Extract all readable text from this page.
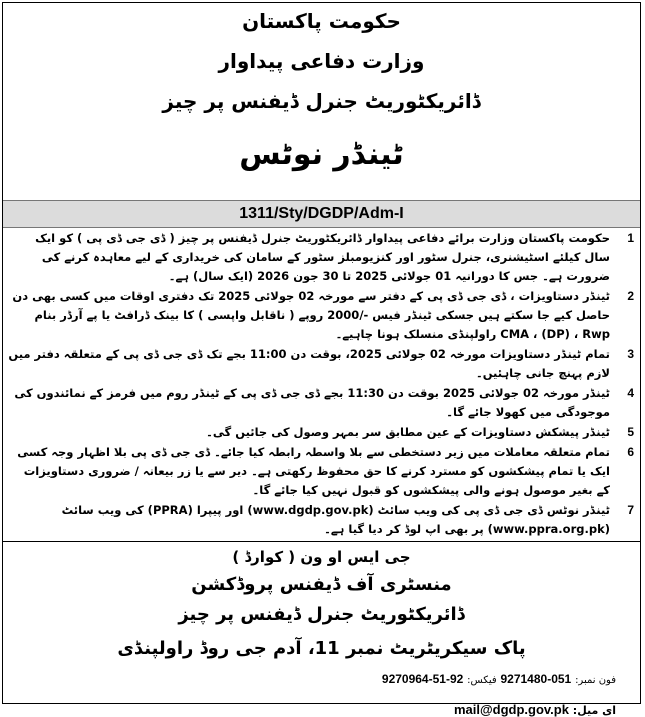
حکومت پاکستان
وزارت دفاعی پیداوار
ڈائریکٹوریٹ جنرل ڈیفنس پر چیز
ٹینڈر نوٹس
1311/Sty/DGDP/Adm-I
1
حکومت پاکستان وزارت برائے دفاعی پیداوار ڈائریکٹوریٹ جنرل ڈیفنس پر چیز ( ڈی جی ڈی پی ) کو ایک سال کیلئے اسٹیشنری، جنرل سٹور اور کنزیومبلز سٹور کے سامان کی خریداری کے لیے معاہدہ کرنے کی ضرورت ہے۔ جس کا دورانیہ 01 جولائی 2025 تا 30 جون 2026 (ایک سال) ہے۔
2
ٹینڈر دستاویزات ، ڈی جی ڈی پی کے دفتر سے مورخہ 02 جولائی 2025 تک دفتری اوقات میں کسی بھی دن حاصل کیے جا سکتے ہیں جسکی ٹینڈر فیس -/2000 روپے ( ناقابل واپسی ) کا بینک ڈرافٹ یا پے آرڈر بنام CMA ، (DP) ، Rwp راولپنڈی منسلک ہونا چاہیے۔
3
تمام ٹینڈر دستاویزات مورخہ 02 جولائی 2025، بوقت دن 11:00 بجے تک ڈی جی ڈی پی کے متعلقہ دفتر میں لازم پہنچ جانی چاہئیں۔
4
ٹینڈر مورخہ 02 جولائی 2025 بوقت دن 11:30 بجے ڈی جی ڈی پی کے ٹینڈر روم میں فرمز کے نمائندوں کی موجودگی میں کھولا جائے گا۔
5
ٹینڈر پیشکش دستاویزات کے عین مطابق سر بمہر وصول کی جائیں گی۔
6
تمام متعلقہ معاملات میں زیر دستخطی سے بلا واسطہ رابطہ کیا جائے۔ ڈی جی ڈی پی بلا اظہار وجہ کسی ایک یا تمام پیشکشوں کو مسترد کرنے کا حق محفوظ رکھتی ہے۔ دیر سے یا زر بیعانہ / ضروری دستاویزات کے بغیر موصول ہونے والی پیشکشوں کو قبول نہیں کیا جائے گا۔
7
ٹینڈر نوٹس ڈی جی ڈی پی کی ویب سائٹ (www.dgdp.gov.pk) اور پیپرا (PPRA) کی ویب سائٹ (www.ppra.org.pk) پر بھی اپ لوڈ کر دیا گیا ہے۔
جی ایس او ون ( کوارڈ )
منسٹری آف ڈیفنس پروڈکشن
ڈائریکٹوریٹ جنرل ڈیفنس پر چیز
پاک سیکریٹریٹ نمبر 11، آدم جی روڈ راولپنڈی
فون نمبر: 051-9271480 فیکس: 92-51-9270964
ای میل: mail@dgdp.gov.pk
